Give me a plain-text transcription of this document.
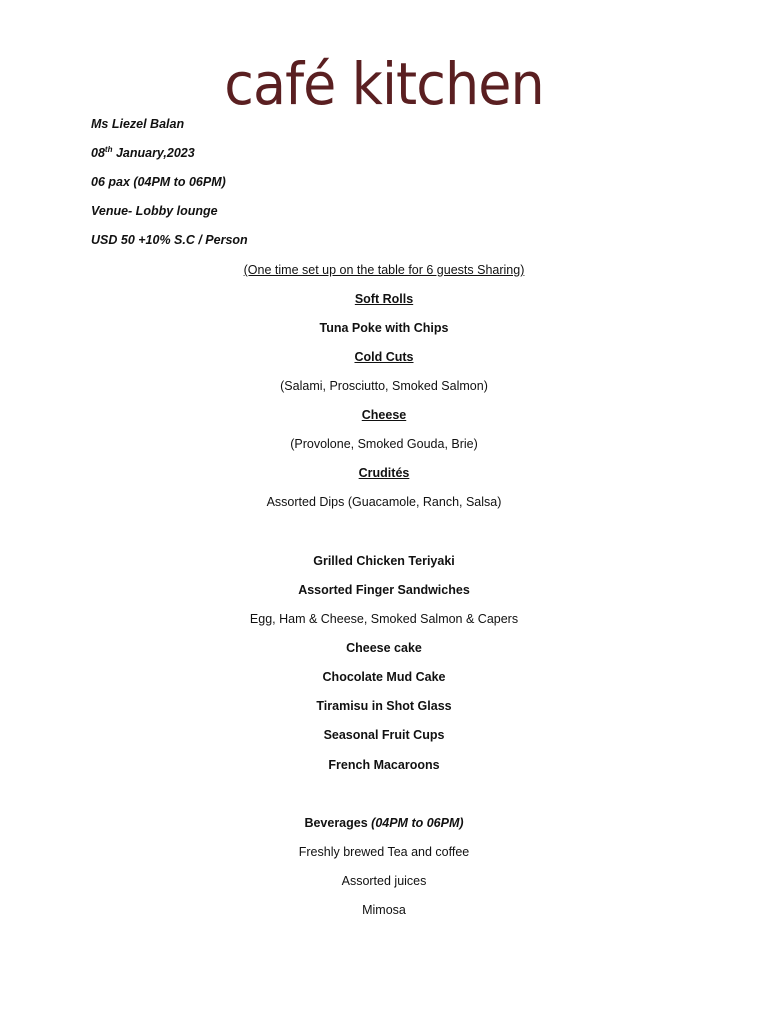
café kitchen
Ms Liezel Balan
08th January,2023
06 pax (04PM to 06PM)
Venue- Lobby lounge
USD 50 +10% S.C / Person
(One time set up on the table for 6 guests Sharing)
Soft Rolls
Tuna Poke with Chips
Cold Cuts
(Salami, Prosciutto, Smoked Salmon)
Cheese
(Provolone, Smoked Gouda, Brie)
Crudités
Assorted Dips (Guacamole, Ranch, Salsa)
Grilled Chicken Teriyaki
Assorted Finger Sandwiches
Egg, Ham & Cheese, Smoked Salmon & Capers
Cheese cake
Chocolate Mud Cake
Tiramisu in Shot Glass
Seasonal Fruit Cups
French Macaroons
Beverages (04PM to 06PM)
Freshly brewed Tea and coffee
Assorted juices
Mimosa
